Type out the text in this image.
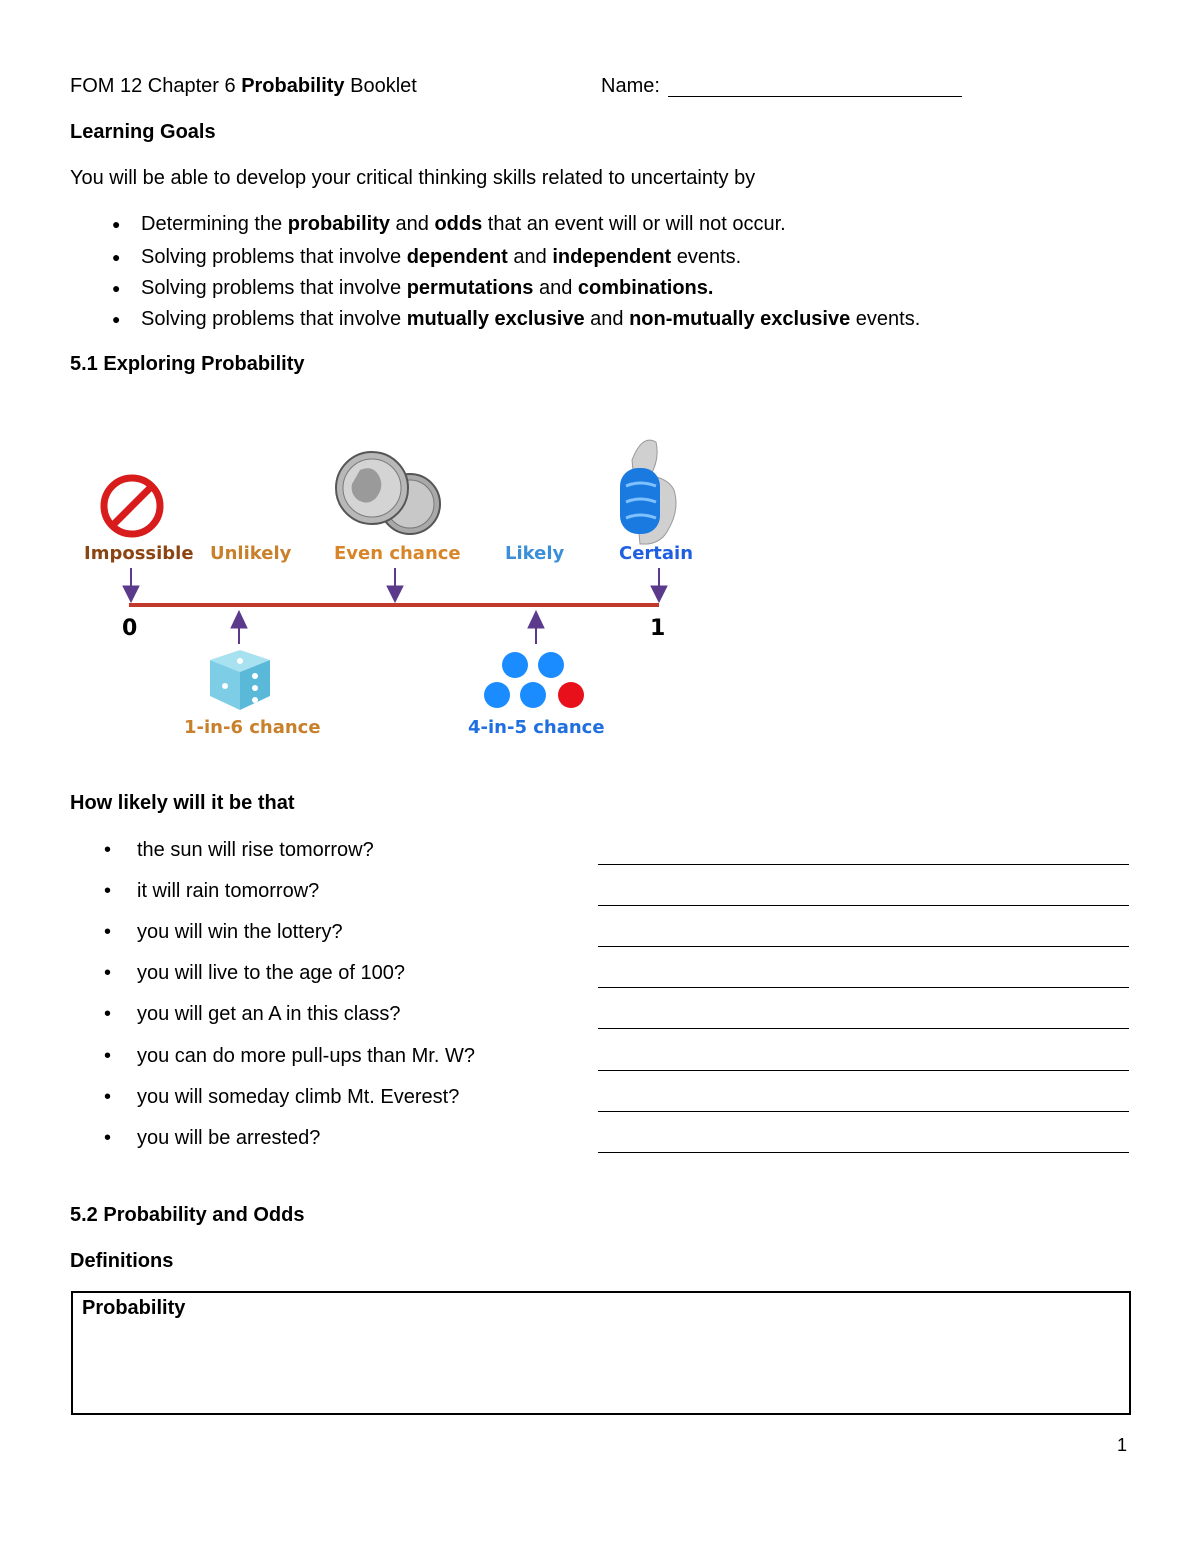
FOM 12 Chapter 6 Probability Booklet	Name:
Learning Goals
You will be able to develop your critical thinking skills related to uncertainty by
● Determining the probability and odds that an event will or will not occur.
● Solving problems that involve dependent and independent events.
● Solving problems that involve permutations and combinations.
● Solving problems that involve mutually exclusive and non-mutually exclusive events.
5.1 Exploring Probability
Impossible Unlikely Even chance Likely	Certain
0	1
1-in-6 chance	4-in-5 chance
How likely will it be that
• the sun will rise tomorrow?
• it will rain tomorrow?
• you will win the lottery?
• you will live to the age of 100?
• you will get an A in this class?
• you can do more pull-ups than Mr. W?
• you will someday climb Mt. Everest?
• you will be arrested?
5.2 Probability and Odds
Definitions
Probability
1
